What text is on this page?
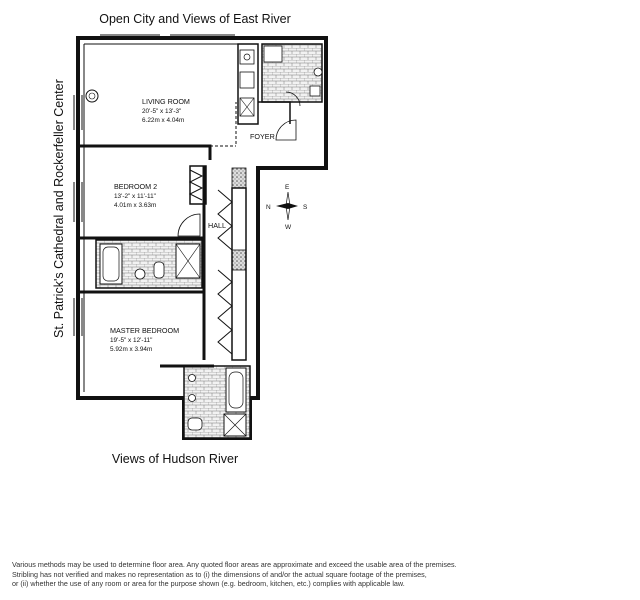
Open City and Views of East River
St. Patrick's Cathedral and Rockerfeller Center
Views of Hudson River
LIVING ROOM
20'-5" x 13'-3"
6.22m x 4.04m
BEDROOM 2
13'-2" x 11'-11"
4.01m x 3.63m
MASTER BEDROOM
19'-5" x 12'-11"
5.92m x 3.94m
FOYER
HALL
N	S
E
W
Various methods may be used to determine floor area. Any quoted floor areas are approximate and exceed the usable area of the premises.
Stribling has not verified and makes no representation as to (i) the dimensions of and/or the actual square footage of the premises,
or (ii) whether the use of any room or area for the purpose shown (e.g. bedroom, kitchen, etc.) complies with applicable law.
